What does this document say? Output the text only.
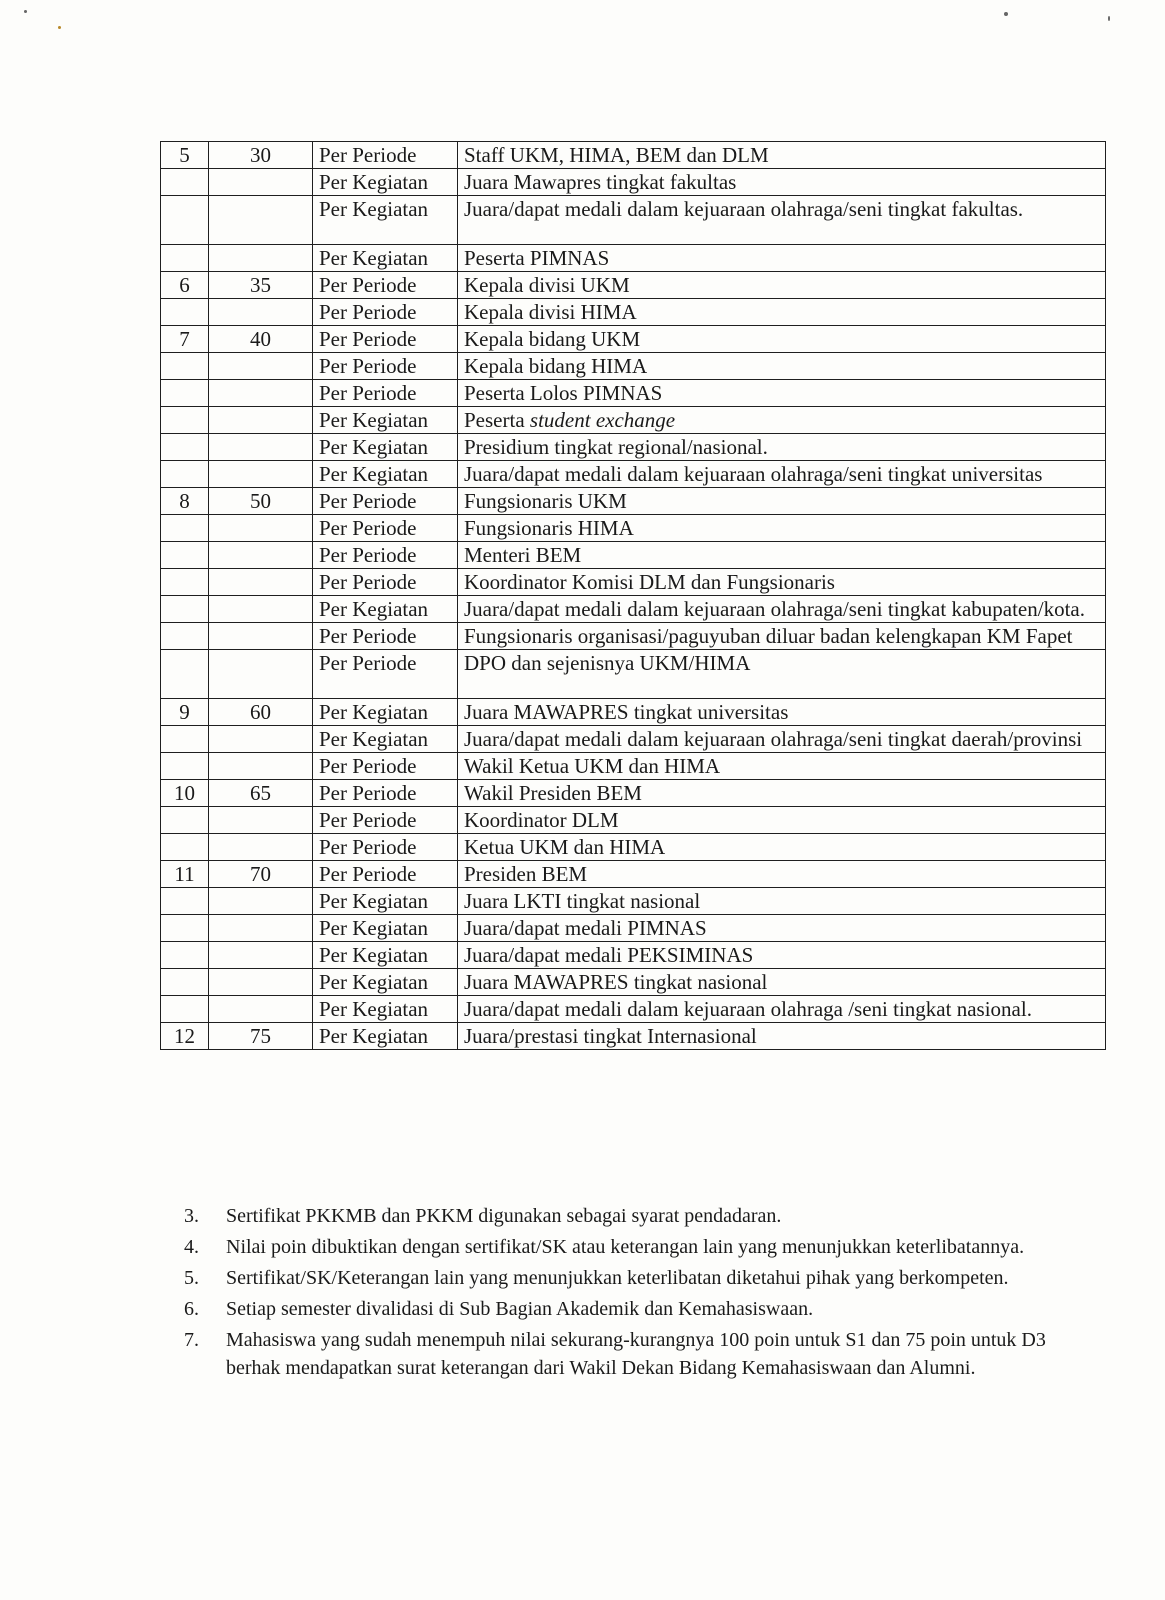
5	30	Per Periode	Staff UKM, HIMA, BEM dan DLM
		Per Kegiatan	Juara Mawapres tingkat fakultas
		Per Kegiatan	Juara/dapat medali dalam kejuaraan olahraga/seni tingkat fakultas.
		Per Kegiatan	Peserta PIMNAS
6	35	Per Periode	Kepala divisi UKM
		Per Periode	Kepala divisi HIMA
7	40	Per Periode	Kepala bidang UKM
		Per Periode	Kepala bidang HIMA
		Per Periode	Peserta Lolos PIMNAS
		Per Kegiatan	Peserta student exchange
		Per Kegiatan	Presidium tingkat regional/nasional.
		Per Kegiatan	Juara/dapat medali dalam kejuaraan olahraga/seni tingkat universitas
8	50	Per Periode	Fungsionaris UKM
		Per Periode	Fungsionaris HIMA
		Per Periode	Menteri BEM
		Per Periode	Koordinator Komisi DLM dan Fungsionaris
		Per Kegiatan	Juara/dapat medali dalam kejuaraan olahraga/seni tingkat kabupaten/kota.
		Per Periode	Fungsionaris organisasi/paguyuban diluar badan kelengkapan KM Fapet
		Per Periode	DPO dan sejenisnya UKM/HIMA
9	60	Per Kegiatan	Juara MAWAPRES tingkat universitas
		Per Kegiatan	Juara/dapat medali dalam kejuaraan olahraga/seni tingkat daerah/provinsi
		Per Periode	Wakil Ketua UKM dan HIMA
10	65	Per Periode	Wakil Presiden BEM
		Per Periode	Koordinator DLM
		Per Periode	Ketua UKM dan HIMA
11	70	Per Periode	Presiden BEM
		Per Kegiatan	Juara LKTI tingkat nasional
		Per Kegiatan	Juara/dapat medali PIMNAS
		Per Kegiatan	Juara/dapat medali PEKSIMINAS
		Per Kegiatan	Juara MAWAPRES tingkat nasional
		Per Kegiatan	Juara/dapat medali dalam kejuaraan olahraga /seni tingkat nasional.
12	75	Per Kegiatan	Juara/prestasi tingkat Internasional
3.	Sertifikat PKKMB dan PKKM digunakan sebagai syarat pendadaran.
4.	Nilai poin dibuktikan dengan sertifikat/SK atau keterangan lain yang menunjukkan keterlibatannya.
5.	Sertifikat/SK/Keterangan lain yang menunjukkan keterlibatan diketahui pihak yang berkompeten.
6.	Setiap semester divalidasi di Sub Bagian Akademik dan Kemahasiswaan.
7.	Mahasiswa yang sudah menempuh nilai sekurang-kurangnya 100 poin untuk S1 dan 75 poin untuk D3 berhak mendapatkan surat keterangan dari Wakil Dekan Bidang Kemahasiswaan dan Alumni.
